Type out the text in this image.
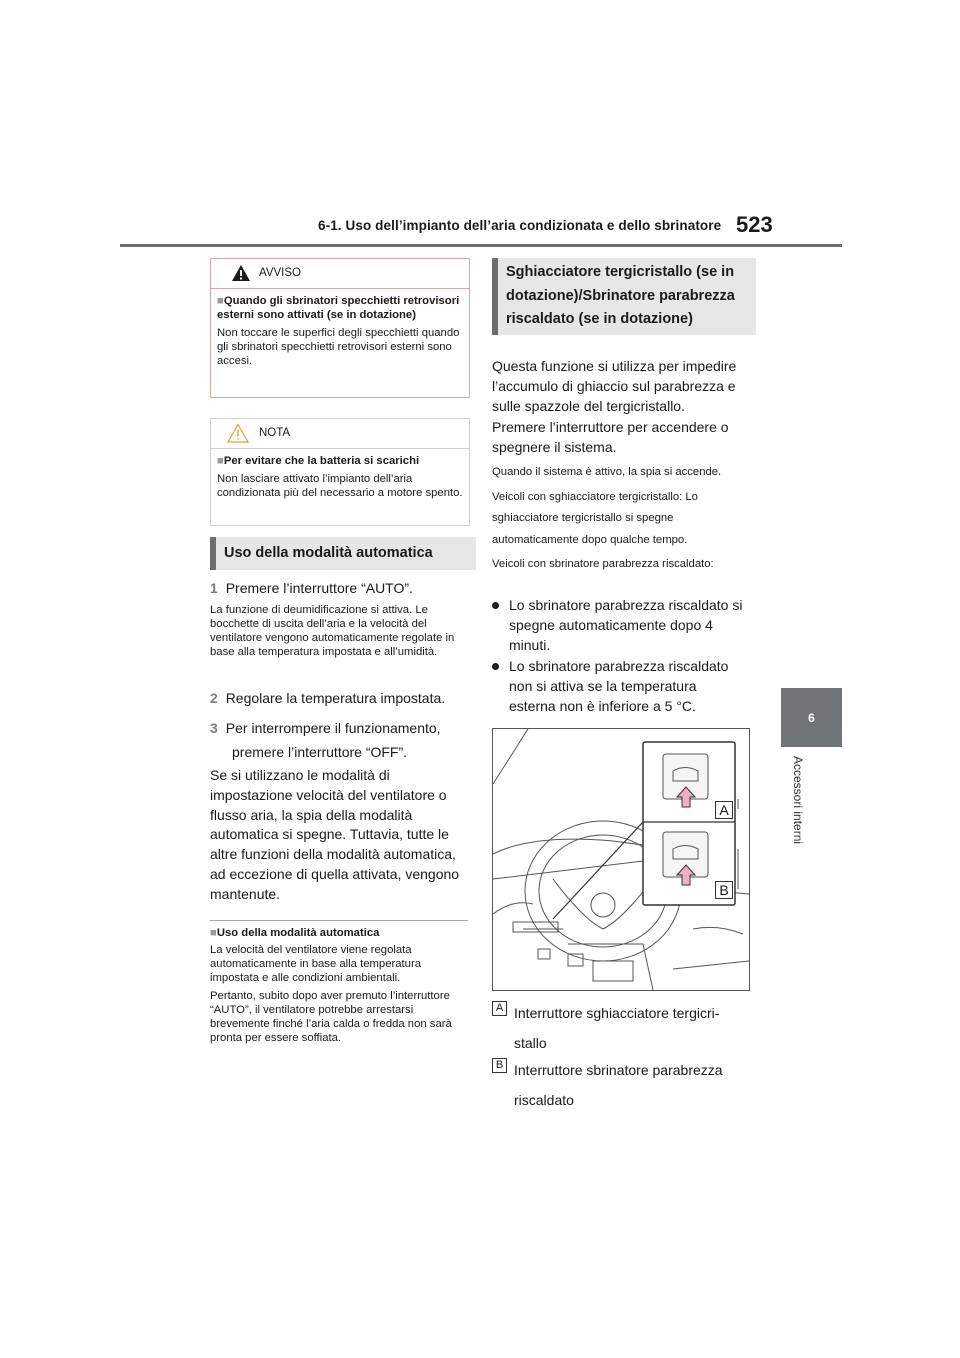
6-1. Uso dell’impianto dell’aria condizionata e dello sbrinatore 523
6
Accessori interni
AVVISO
■Quando gli sbrinatori specchietti retrovisori esterni sono attivati (se in dotazione)
Non toccare le superfici degli specchietti quando gli sbrinatori specchietti retrovisori esterni sono accesi.
NOTA
■Per evitare che la batteria si scarichi
Non lasciare attivato l’impianto dell’aria condizionata più del necessario a motore spento.
Uso della modalità automatica
1 Premere l’interruttore “AUTO”.
La funzione di deumidificazione si attiva. Le bocchette di uscita dell’aria e la velocità del ventilatore vengono automaticamente regolate in base alla temperatura impostata e all’umidità.
2 Regolare la temperatura impostata.
3 Per interrompere il funzionamento,
premere l’interruttore “OFF”.
Se si utilizzano le modalità di impostazione velocità del ventilatore o flusso aria, la spia della modalità automatica si spegne. Tuttavia, tutte le altre funzioni della modalità automatica, ad eccezione di quella attivata, vengono mantenute.
■Uso della modalità automatica
La velocità del ventilatore viene regolata automaticamente in base alla temperatura impostata e alle condizioni ambientali.
Pertanto, subito dopo aver premuto l’interruttore “AUTO”, il ventilatore potrebbe arrestarsi brevemente finché l’aria calda o fredda non sarà pronta per essere soffiata.
Sghiacciatore tergicristallo (se in dotazione)/Sbrinatore parabrezza riscaldato (se in dotazione)
Questa funzione si utilizza per impedire l’accumulo di ghiaccio sul parabrezza e sulle spazzole del tergicristallo.
Premere l’interruttore per accendere o spegnere il sistema.
Quando il sistema è attivo, la spia si accende.
Veicoli con sghiacciatore tergicristallo: Lo sghiacciatore tergicristallo si spegne automaticamente dopo qualche tempo.
Veicoli con sbrinatore parabrezza riscaldato:
Lo sbrinatore parabrezza riscaldato si spegne automaticamente dopo 4 minuti.
Lo sbrinatore parabrezza riscaldato non si attiva se la temperatura esterna non è inferiore a 5 °C.
A
B
A Interruttore sghiacciatore tergicri-
stallo
B Interruttore sbrinatore parabrezza
riscaldato
